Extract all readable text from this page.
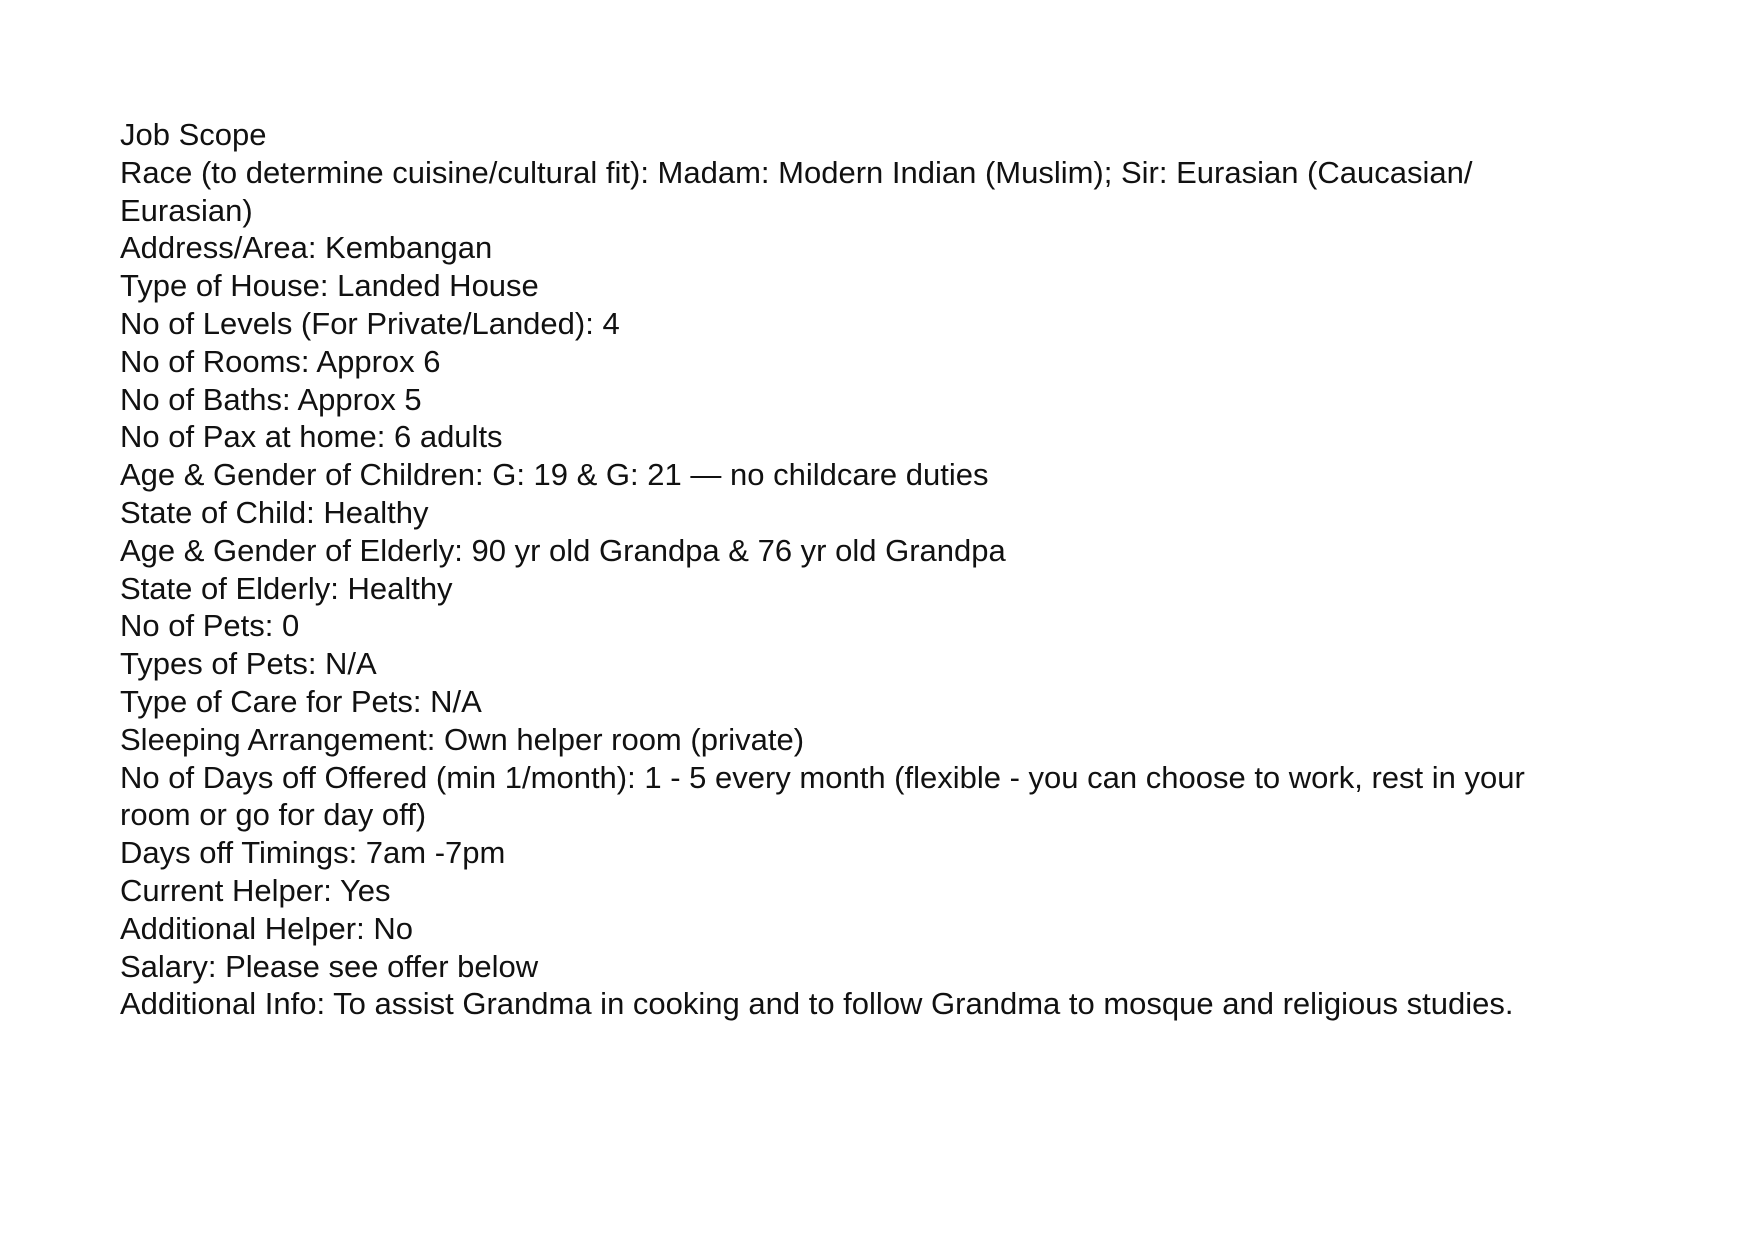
Job Scope

Race (to determine cuisine/cultural fit): Madam: Modern Indian (Muslim); Sir: Eurasian (Caucasian/ Eurasian)

Address/Area: Kembangan

Type of House: Landed House

No of Levels (For Private/Landed): 4

No of Rooms: Approx 6

No of Baths: Approx 5

No of Pax at home: 6 adults

Age & Gender of Children: G: 19 & G: 21 — no childcare duties

State of Child: Healthy

Age & Gender of Elderly: 90 yr old Grandpa & 76 yr old Grandpa

State of Elderly: Healthy

No of Pets: 0

Types of Pets: N/A

Type of Care for Pets: N/A

Sleeping Arrangement: Own helper room (private)

No of Days off Offered (min 1/month): 1 - 5 every month (flexible - you can choose to work, rest in your room or go for day off)

Days off Timings: 7am -7pm

Current Helper: Yes

Additional Helper: No

Salary: Please see offer below

Additional Info: To assist Grandma in cooking and to follow Grandma to mosque and religious studies.
